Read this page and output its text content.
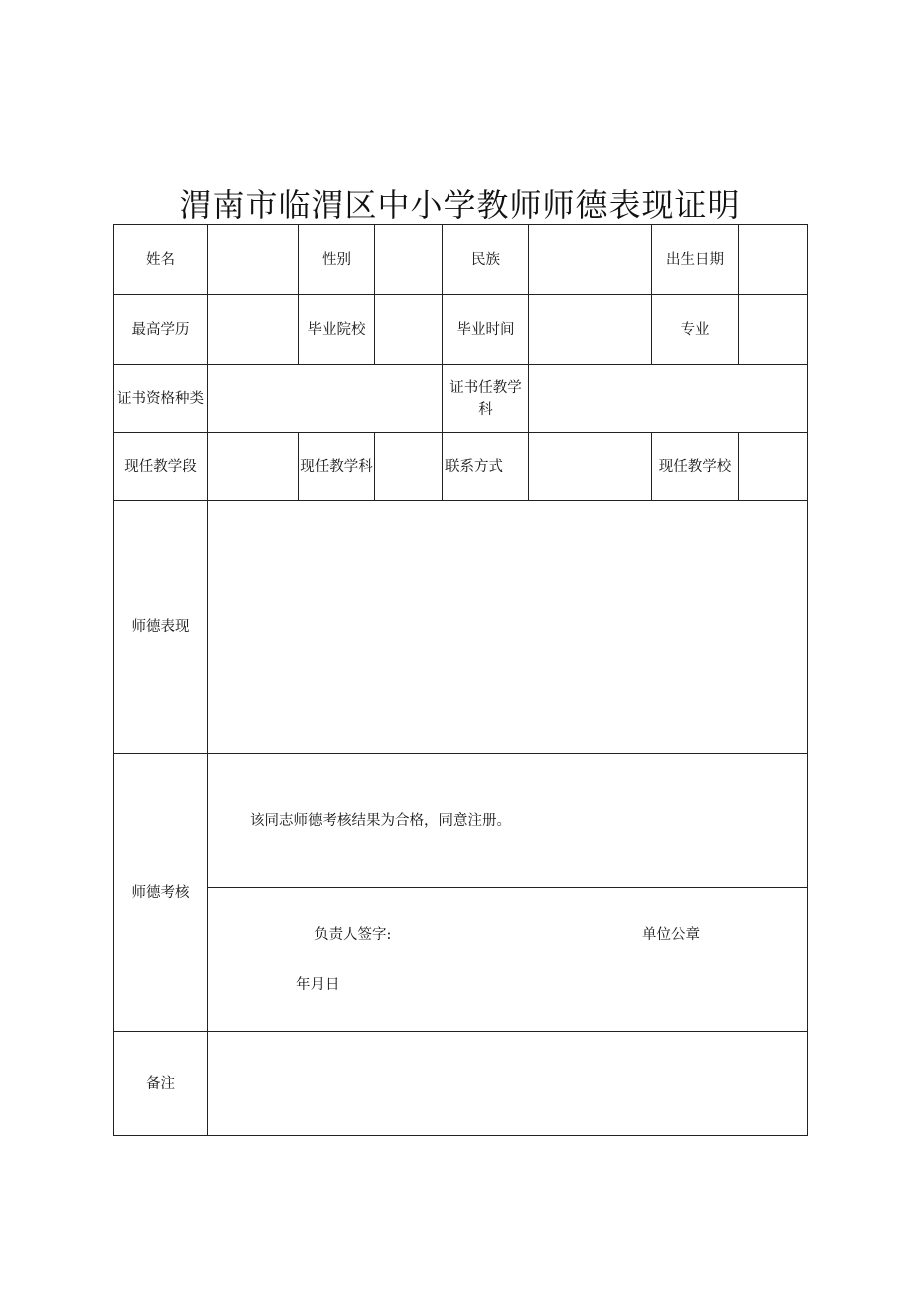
渭南市临渭区中小学教师师德表现证明
姓名		性别		民族		出生日期	
最高学历		毕业院校		毕业时间		专业	
证书资格种类				证书任教学科			
现任教学段		现任教学科		联系方式		现任教学校	
师德表现							
师德考核	该同志师德考核结果为合格，同意注册。
负责人签字: 单位公章
年月日						

备注							
